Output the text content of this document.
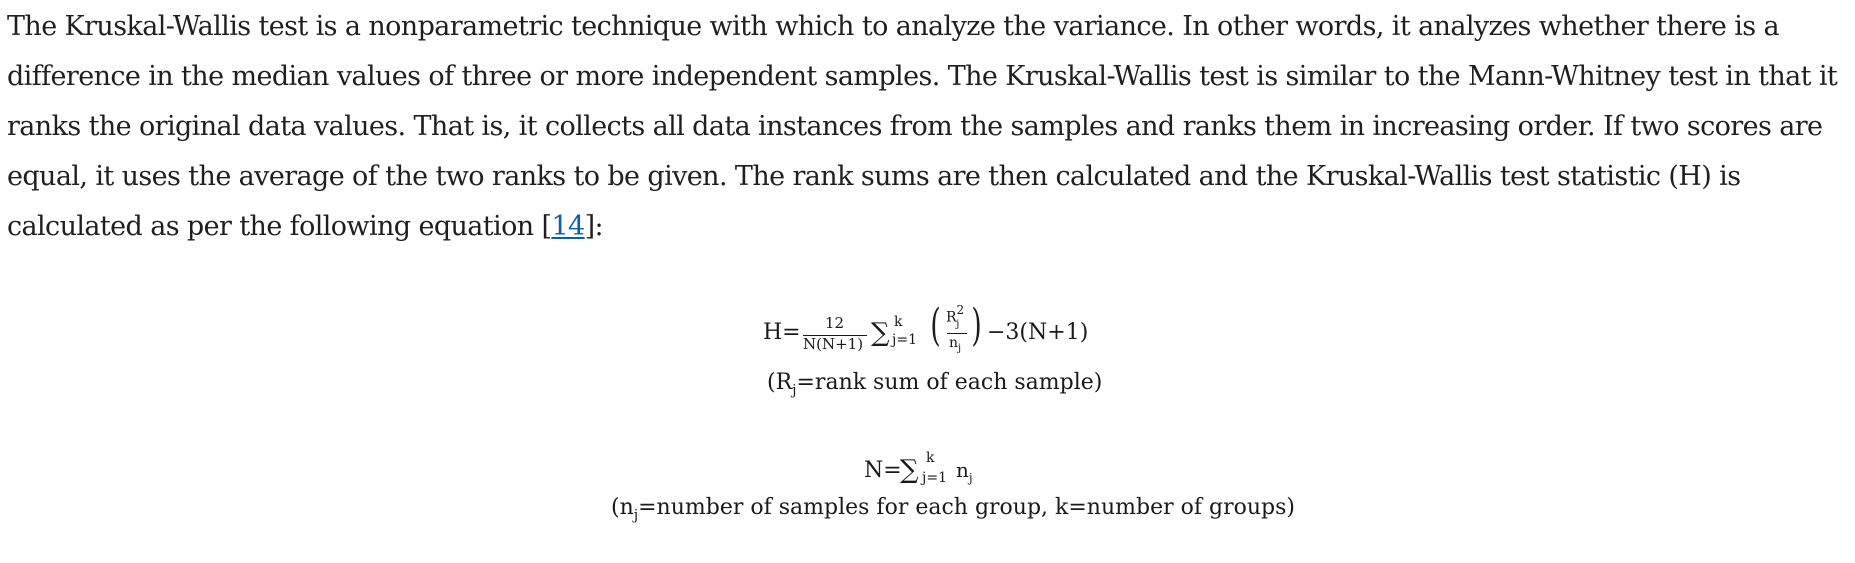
The Kruskal-Wallis test is a nonparametric technique with which to analyze the variance. In other words, it analyzes whether there is a
difference in the median values of three or more independent samples. The Kruskal-Wallis test is similar to the Mann-Whitney test in that it
ranks the original data values. That is, it collects all data instances from the samples and ranks them in increasing order. If two scores are
equal, it uses the average of the two ranks to be given. The rank sums are then calculated and the Kruskal-Wallis test statistic (H) is
calculated as per the following equation [14]:
H= 12
N(N+1) ∑ k
j=1 ( $R^2_j$
$n_j$ ) −3(N+1)
($R_j=rank$ sum of each sample)
N=
∑ k
j=1 $n_j$
($n_j=number$ of samples for each group, k=number of groups)
